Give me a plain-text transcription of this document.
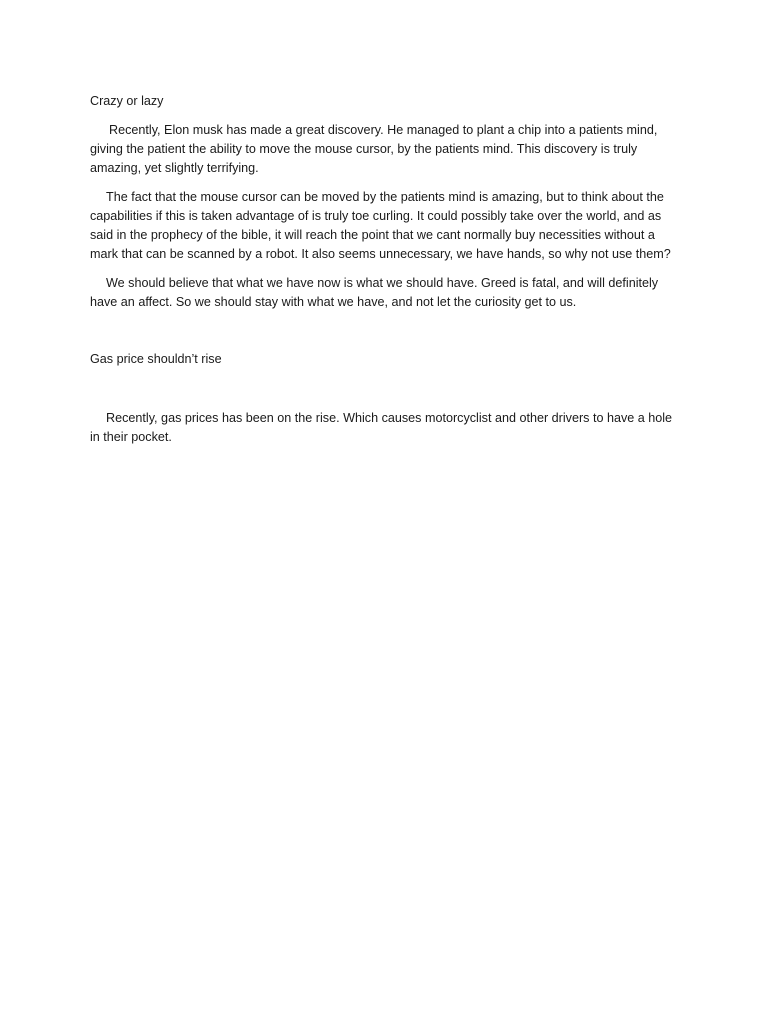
Crazy or lazy

Recently, Elon musk has made a great discovery. He managed to plant a chip into a patients mind, giving the patient the ability to move the mouse cursor, by the patients mind. This discovery is truly amazing, yet slightly terrifying.

The fact that the mouse cursor can be moved by the patients mind is amazing, but to think about the capabilities if this is taken advantage of is truly toe curling. It could possibly take over the world, and as said in the prophecy of the bible, it will reach the point that we cant normally buy necessities without a mark that can be scanned by a robot. It also seems unnecessary, we have hands, so why not use them?

We should believe that what we have now is what we should have. Greed is fatal, and will definitely have an affect. So we should stay with what we have, and not let the curiosity get to us.

Gas price shouldn’t rise

Recently, gas prices has been on the rise. Which causes motorcyclist and other drivers to have a hole in their pocket.
